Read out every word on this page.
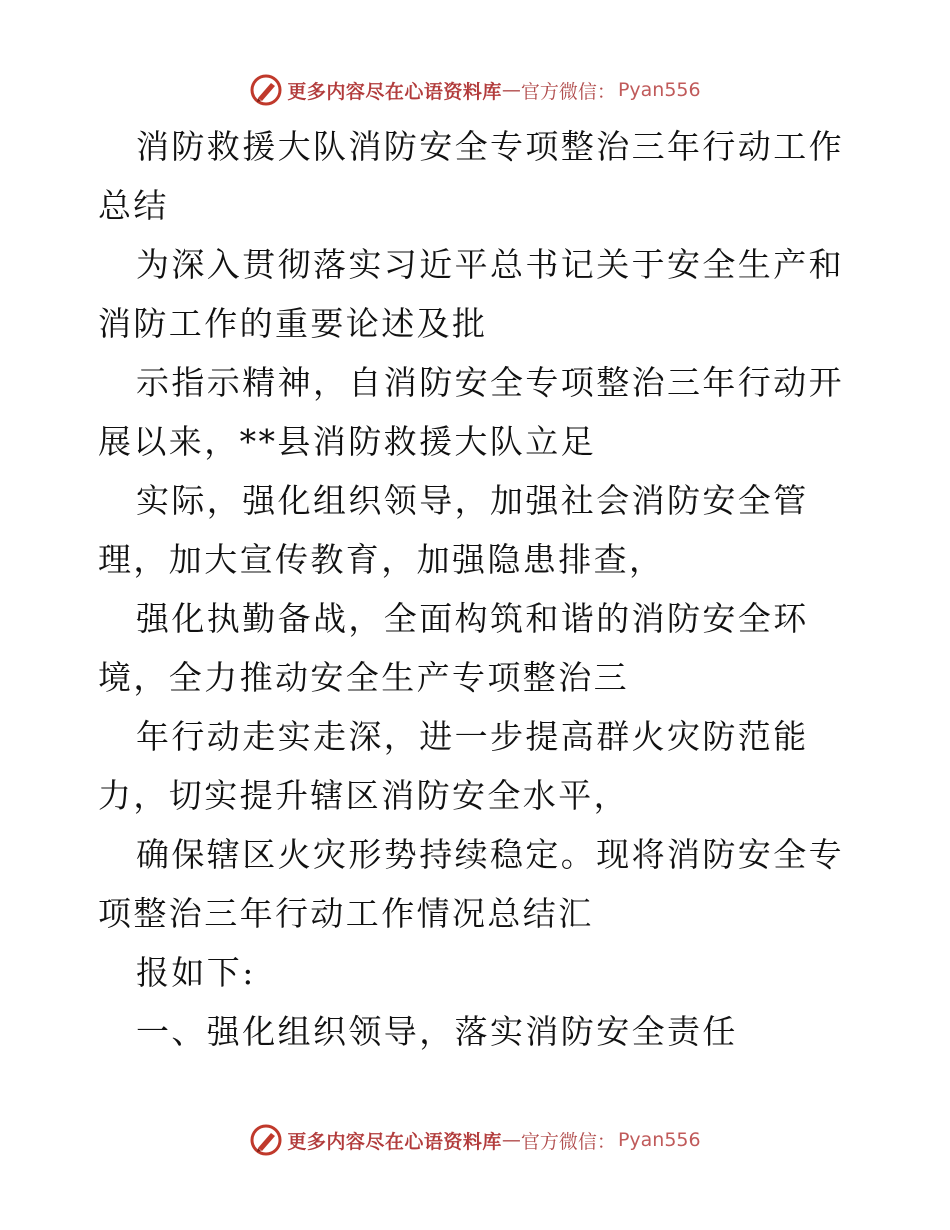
更多内容尽在心语资料库 — 官方微信： Pyan556

消防救援大队消防安全专项整治三年行动工作总结

为深入贯彻落实习近平总书记关于安全生产和消防工作的重要论述及批

示指示精神，自消防安全专项整治三年行动开展以来，**县消防救援大队立足

实际，强化组织领导，加强社会消防安全管理，加大宣传教育，加强隐患排查，

强化执勤备战，全面构筑和谐的消防安全环境，全力推动安全生产专项整治三

年行动走实走深，进一步提高群火灾防范能力，切实提升辖区消防安全水平，

确保辖区火灾形势持续稳定。现将消防安全专项整治三年行动工作情况总结汇

报如下:

一、强化组织领导，落实消防安全责任

更多内容尽在心语资料库 — 官方微信： Pyan556
